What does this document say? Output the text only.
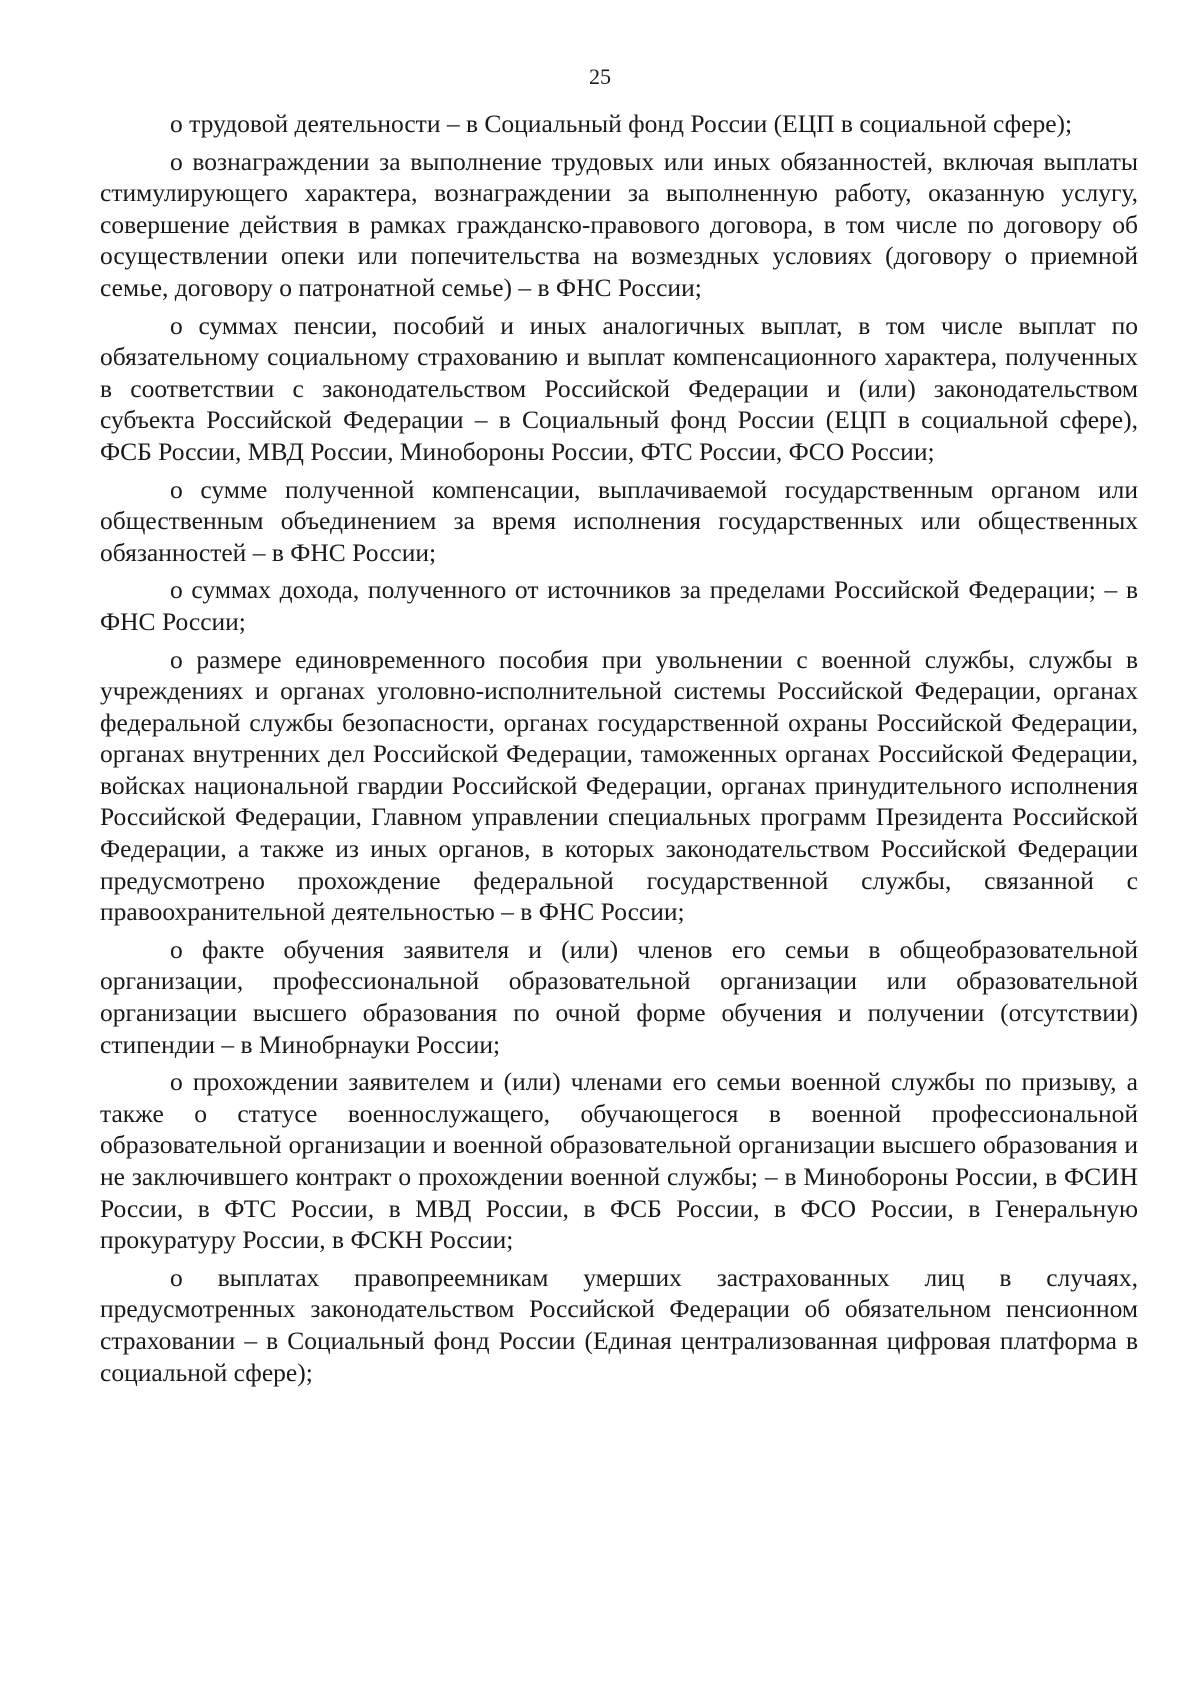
25

о трудовой деятельности – в Социальный фонд России (ЕЦП в социальной сфере);

о вознаграждении за выполнение трудовых или иных обязанностей, включая выплаты стимулирующего характера, вознаграждении за выполненную работу, оказанную услугу, совершение действия в рамках гражданско-правового договора, в том числе по договору об осуществлении опеки или попечительства на возмездных условиях (договору о приемной семье, договору о патронатной семье) – в ФНС России;

о суммах пенсии, пособий и иных аналогичных выплат, в том числе выплат по обязательному социальному страхованию и выплат компенсационного характера, полученных в соответствии с законодательством Российской Федерации и (или) законодательством субъекта Российской Федерации – в Социальный фонд России (ЕЦП в социальной сфере), ФСБ России, МВД России, Минобороны России, ФТС России, ФСО России;

о сумме полученной компенсации, выплачиваемой государственным органом или общественным объединением за время исполнения государственных или общественных обязанностей – в ФНС России;

о суммах дохода, полученного от источников за пределами Российской Федерации; – в ФНС России;

о размере единовременного пособия при увольнении с военной службы, службы в учреждениях и органах уголовно-исполнительной системы Российской Федерации, органах федеральной службы безопасности, органах государственной охраны Российской Федерации, органах внутренних дел Российской Федерации, таможенных органах Российской Федерации, войсках национальной гвардии Российской Федерации, органах принудительного исполнения Российской Федерации, Главном управлении специальных программ Президента Российской Федерации, а также из иных органов, в которых законодательством Российской Федерации предусмотрено прохождение федеральной государственной службы, связанной с правоохранительной деятельностью – в ФНС России;

о факте обучения заявителя и (или) членов его семьи в общеобразовательной организации, профессиональной образовательной организации или образовательной организации высшего образования по очной форме обучения и получении (отсутствии) стипендии – в Минобрнауки России;

о прохождении заявителем и (или) членами его семьи военной службы по призыву, а также о статусе военнослужащего, обучающегося в военной профессиональной образовательной организации и военной образовательной организации высшего образования и не заключившего контракт о прохождении военной службы; – в Минобороны России, в ФСИН России, в ФТС России, в МВД России, в ФСБ России, в ФСО России, в Генеральную прокуратуру России, в ФСКН России;

о выплатах правопреемникам умерших застрахованных лиц в случаях, предусмотренных законодательством Российской Федерации об обязательном пенсионном страховании – в Социальный фонд России (Единая централизованная цифровая платформа в социальной сфере);
